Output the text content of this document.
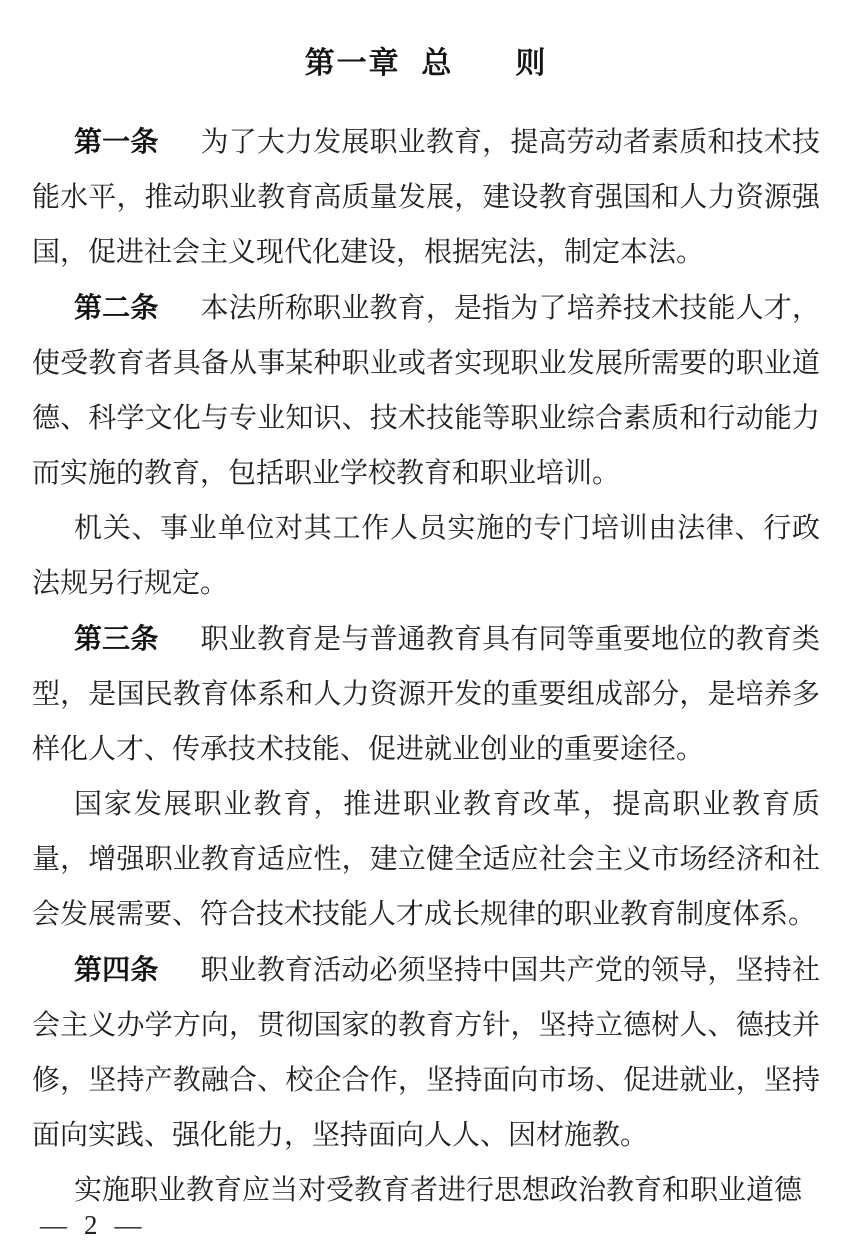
第一章  总      则

第一条 为了大力发展职业教育，提高劳动者素质和技术技能水平，推动职业教育高质量发展，建设教育强国和人力资源强国，促进社会主义现代化建设，根据宪法，制定本法。

第二条 本法所称职业教育，是指为了培养技术技能人才，使受教育者具备从事某种职业或者实现职业发展所需要的职业道德、科学文化与专业知识、技术技能等职业综合素质和行动能力而实施的教育，包括职业学校教育和职业培训。

机关、事业单位对其工作人员实施的专门培训由法律、行政法规另行规定。

第三条 职业教育是与普通教育具有同等重要地位的教育类型，是国民教育体系和人力资源开发的重要组成部分，是培养多样化人才、传承技术技能、促进就业创业的重要途径。

国家发展职业教育，推进职业教育改革，提高职业教育质量，增强职业教育适应性，建立健全适应社会主义市场经济和社会发展需要、符合技术技能人才成长规律的职业教育制度体系。

第四条 职业教育活动必须坚持中国共产党的领导，坚持社会主义办学方向，贯彻国家的教育方针，坚持立德树人、德技并修，坚持产教融合、校企合作，坚持面向市场、促进就业，坚持面向实践、强化能力，坚持面向人人、因材施教。

实施职业教育应当对受教育者进行思想政治教育和职业道德

— 2 —
